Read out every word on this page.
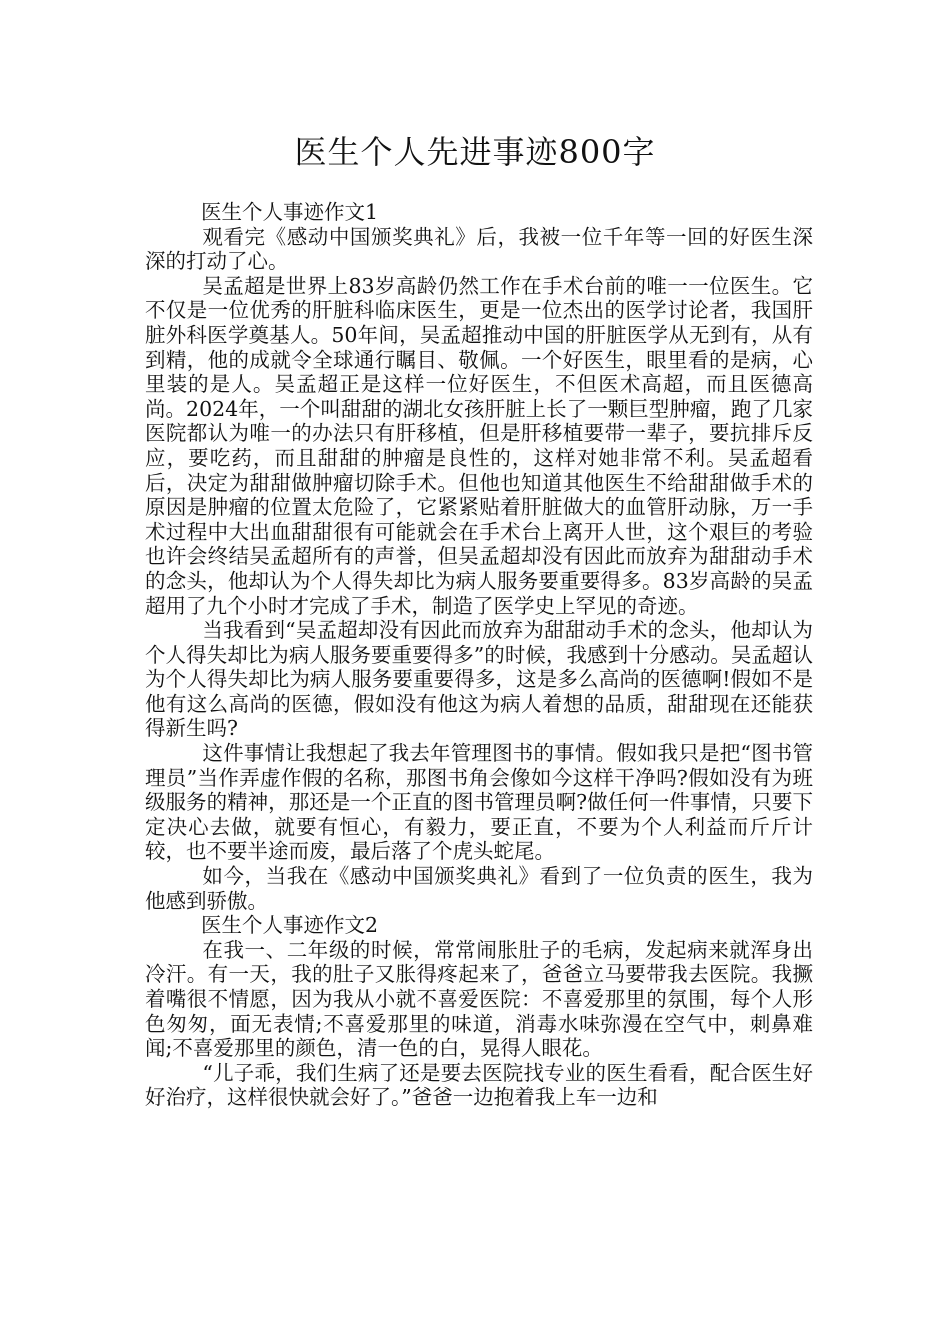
医生个人先进事迹800字

医生个人事迹作文1

观看完《感动中国颁奖典礼》后，我被一位千年等一回的好医生深深的打动了心。

吴孟超是世界上83岁高龄仍然工作在手术台前的唯一一位医生。它不仅是一位优秀的肝脏科临床医生，更是一位杰出的医学讨论者，我国肝脏外科医学奠基人。50年间，吴孟超推动中国的肝脏医学从无到有，从有到精，他的成就令全球通行瞩目、敬佩。一个好医生，眼里看的是病，心里装的是人。吴孟超正是这样一位好医生，不但医术高超，而且医德高尚。2024年，一个叫甜甜的湖北女孩肝脏上长了一颗巨型肿瘤，跑了几家医院都认为唯一的办法只有肝移植，但是肝移植要带一辈子，要抗排斥反应，要吃药，而且甜甜的肿瘤是良性的，这样对她非常不利。吴孟超看后，决定为甜甜做肿瘤切除手术。但他也知道其他医生不给甜甜做手术的原因是肿瘤的位置太危险了，它紧紧贴着肝脏做大的血管肝动脉，万一手术过程中大出血甜甜很有可能就会在手术台上离开人世，这个艰巨的考验也许会终结吴孟超所有的声誉，但吴孟超却没有因此而放弃为甜甜动手术的念头，他却认为个人得失却比为病人服务要重要得多。83岁高龄的吴孟超用了九个小时才完成了手术，制造了医学史上罕见的奇迹。

当我看到“吴孟超却没有因此而放弃为甜甜动手术的念头，他却认为个人得失却比为病人服务要重要得多”的时候，我感到十分感动。吴孟超认为个人得失却比为病人服务要重要得多，这是多么高尚的医德啊!假如不是他有这么高尚的医德，假如没有他这为病人着想的品质，甜甜现在还能获得新生吗?

这件事情让我想起了我去年管理图书的事情。假如我只是把“图书管理员”当作弄虚作假的名称，那图书角会像如今这样干净吗?假如没有为班级服务的精神，那还是一个正直的图书管理员啊?做任何一件事情，只要下定决心去做，就要有恒心，有毅力，要正直，不要为个人利益而斤斤计较，也不要半途而废，最后落了个虎头蛇尾。

如今，当我在《感动中国颁奖典礼》看到了一位负责的医生，我为他感到骄傲。

医生个人事迹作文2

在我一、二年级的时候，常常闹胀肚子的毛病，发起病来就浑身出冷汗。有一天，我的肚子又胀得疼起来了，爸爸立马要带我去医院。我撅着嘴很不情愿，因为我从小就不喜爱医院：不喜爱那里的氛围，每个人形色匆匆，面无表情;不喜爱那里的味道，消毒水味弥漫在空气中，刺鼻难闻;不喜爱那里的颜色，清一色的白，晃得人眼花。

“儿子乖，我们生病了还是要去医院找专业的医生看看，配合医生好好治疗，这样很快就会好了。”爸爸一边抱着我上车一边和
